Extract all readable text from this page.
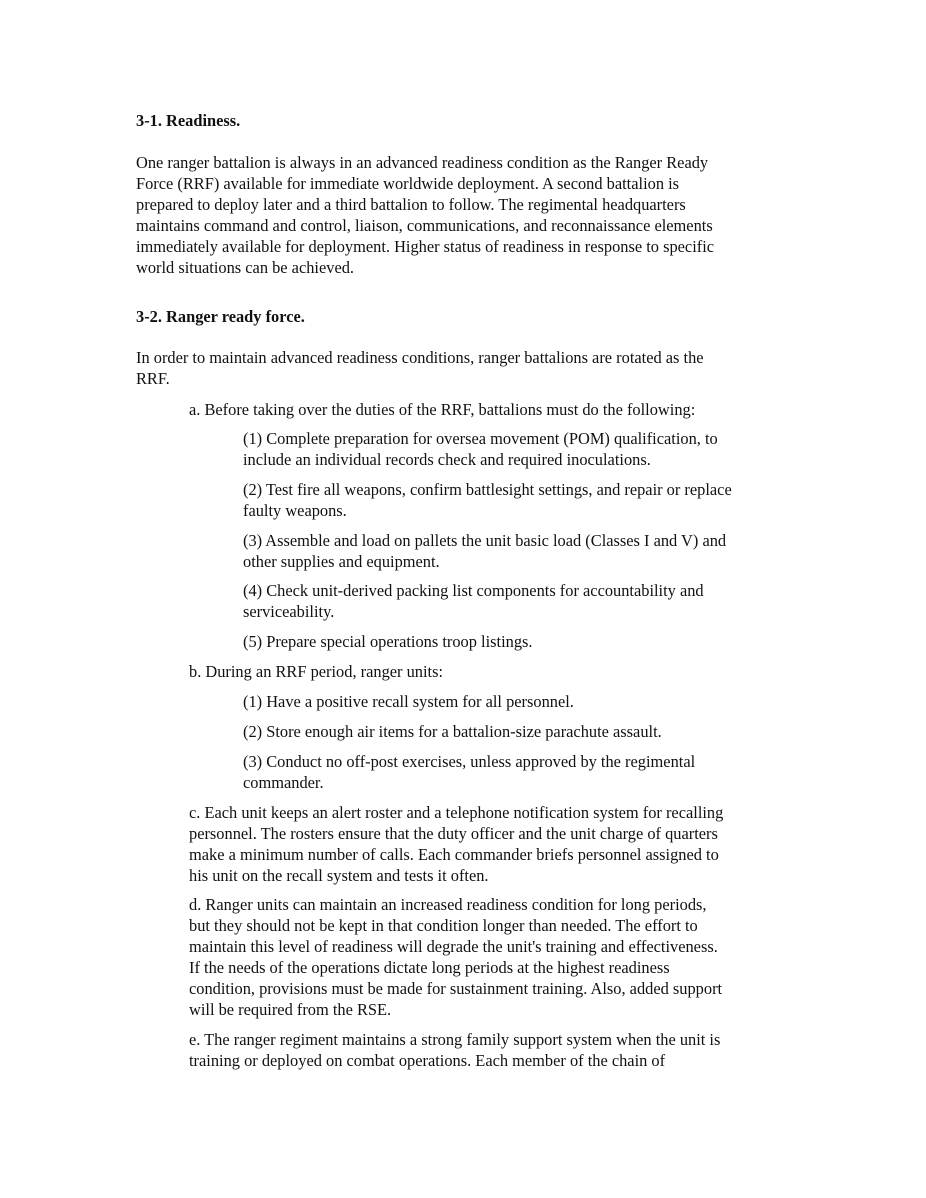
3-1. Readiness.

One ranger battalion is always in an advanced readiness condition as the Ranger Ready
Force (RRF) available for immediate worldwide deployment. A second battalion is
prepared to deploy later and a third battalion to follow. The regimental headquarters
maintains command and control, liaison, communications, and reconnaissance elements
immediately available for deployment. Higher status of readiness in response to specific
world situations can be achieved.

3-2. Ranger ready force.

In order to maintain advanced readiness conditions, ranger battalions are rotated as the
RRF.

a. Before taking over the duties of the RRF, battalions must do the following:

(1) Complete preparation for oversea movement (POM) qualification, to
include an individual records check and required inoculations.

(2) Test fire all weapons, confirm battlesight settings, and repair or replace
faulty weapons.

(3) Assemble and load on pallets the unit basic load (Classes I and V) and
other supplies and equipment.

(4) Check unit-derived packing list components for accountability and
serviceability.

(5) Prepare special operations troop listings.

b. During an RRF period, ranger units:

(1) Have a positive recall system for all personnel.

(2) Store enough air items for a battalion-size parachute assault.

(3) Conduct no off-post exercises, unless approved by the regimental
commander.

c. Each unit keeps an alert roster and a telephone notification system for recalling
personnel. The rosters ensure that the duty officer and the unit charge of quarters
make a minimum number of calls. Each commander briefs personnel assigned to
his unit on the recall system and tests it often.

d. Ranger units can maintain an increased readiness condition for long periods,
but they should not be kept in that condition longer than needed. The effort to
maintain this level of readiness will degrade the unit's training and effectiveness.
If the needs of the operations dictate long periods at the highest readiness
condition, provisions must be made for sustainment training. Also, added support
will be required from the RSE.

e. The ranger regiment maintains a strong family support system when the unit is
training or deployed on combat operations. Each member of the chain of
